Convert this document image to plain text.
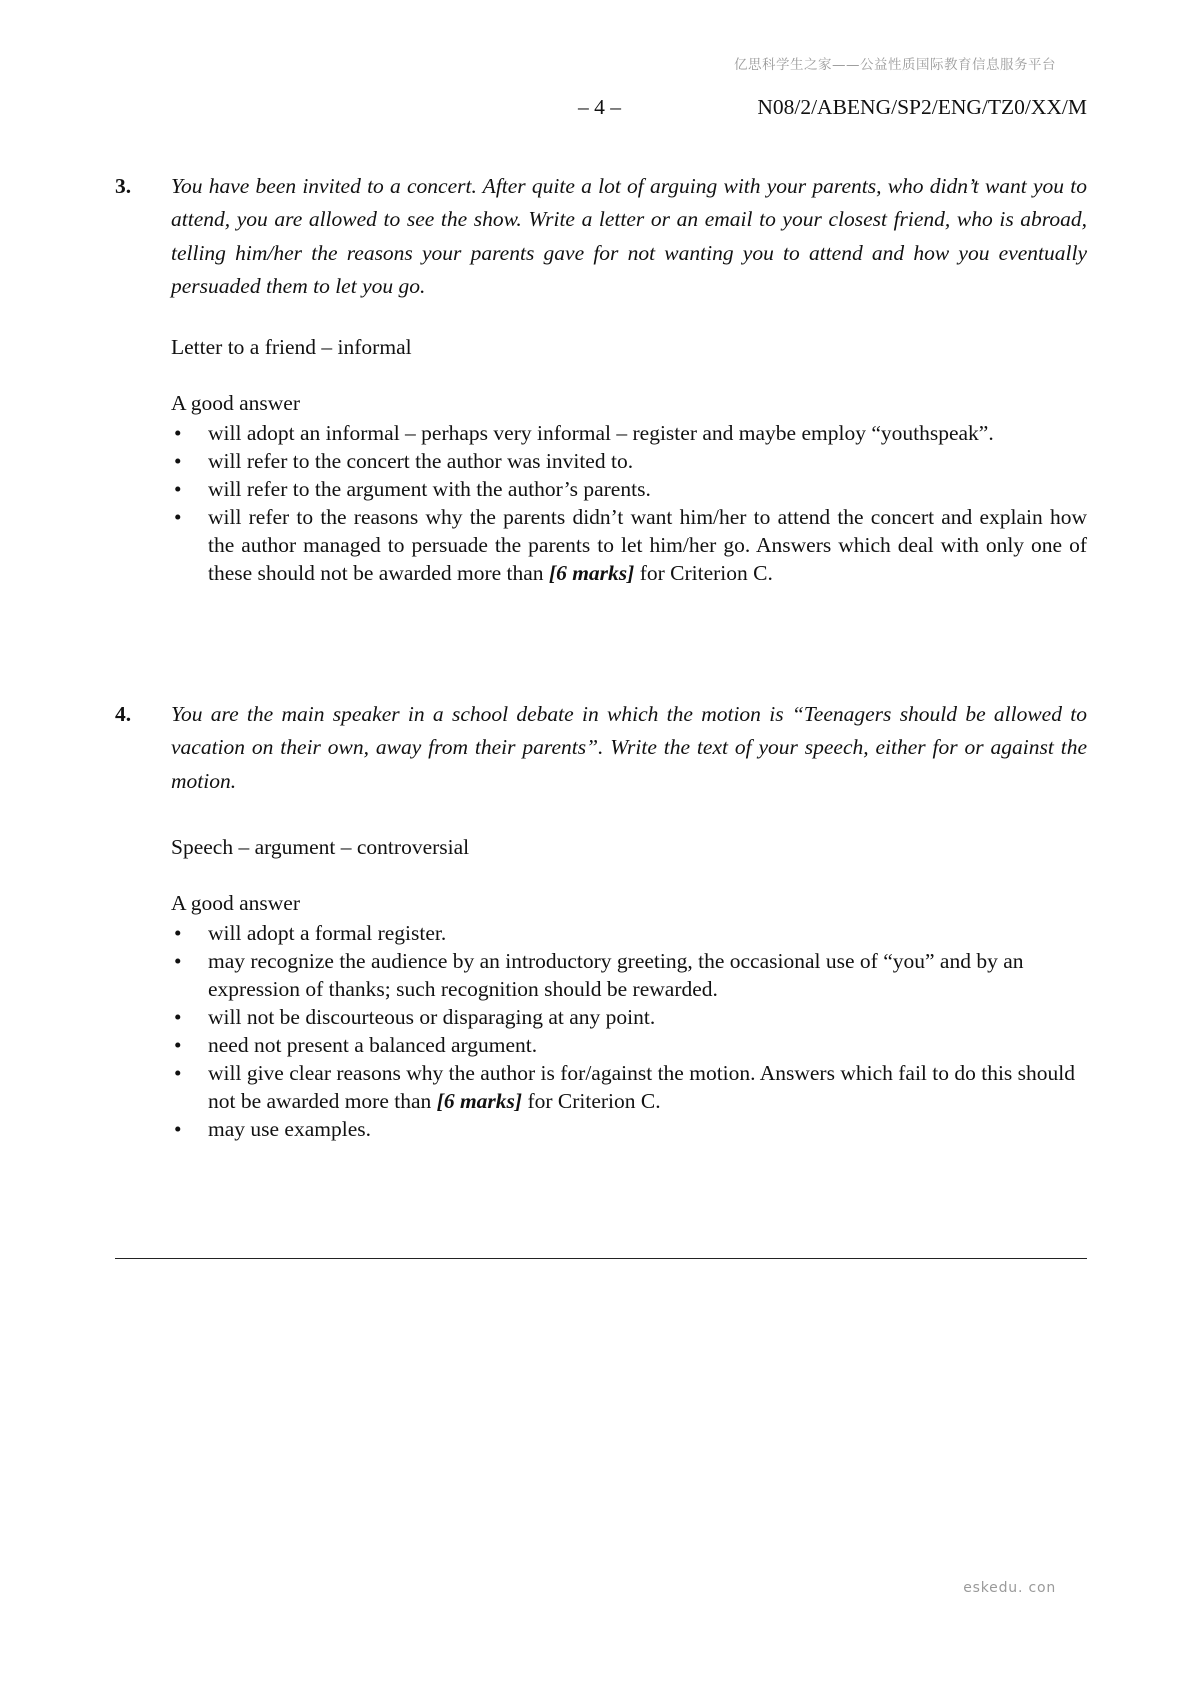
亿思科学生之家——公益性质国际教育信息服务平台
– 4 –	N08/2/ABENG/SP2/ENG/TZ0/XX/M
3. You have been invited to a concert. After quite a lot of arguing with your parents, who didn’t want you to attend, you are allowed to see the show. Write a letter or an email to your closest friend, who is abroad, telling him/her the reasons your parents gave for not wanting you to attend and how you eventually persuaded them to let you go.
Letter to a friend – informal
A good answer
• will adopt an informal – perhaps very informal – register and maybe employ “youthspeak”.
• will refer to the concert the author was invited to.
• will refer to the argument with the author’s parents.
• will refer to the reasons why the parents didn’t want him/her to attend the concert and explain how the author managed to persuade the parents to let him/her go. Answers which deal with only one of these should not be awarded more than [6 marks] for Criterion C.
4. You are the main speaker in a school debate in which the motion is “Teenagers should be allowed to vacation on their own, away from their parents”. Write the text of your speech, either for or against the motion.
Speech – argument – controversial
A good answer
• will adopt a formal register.
• may recognize the audience by an introductory greeting, the occasional use of “you” and by an expression of thanks; such recognition should be rewarded.
• will not be discourteous or disparaging at any point.
• need not present a balanced argument.
• will give clear reasons why the author is for/against the motion. Answers which fail to do this should not be awarded more than [6 marks] for Criterion C.
• may use examples.
eskedu. con
